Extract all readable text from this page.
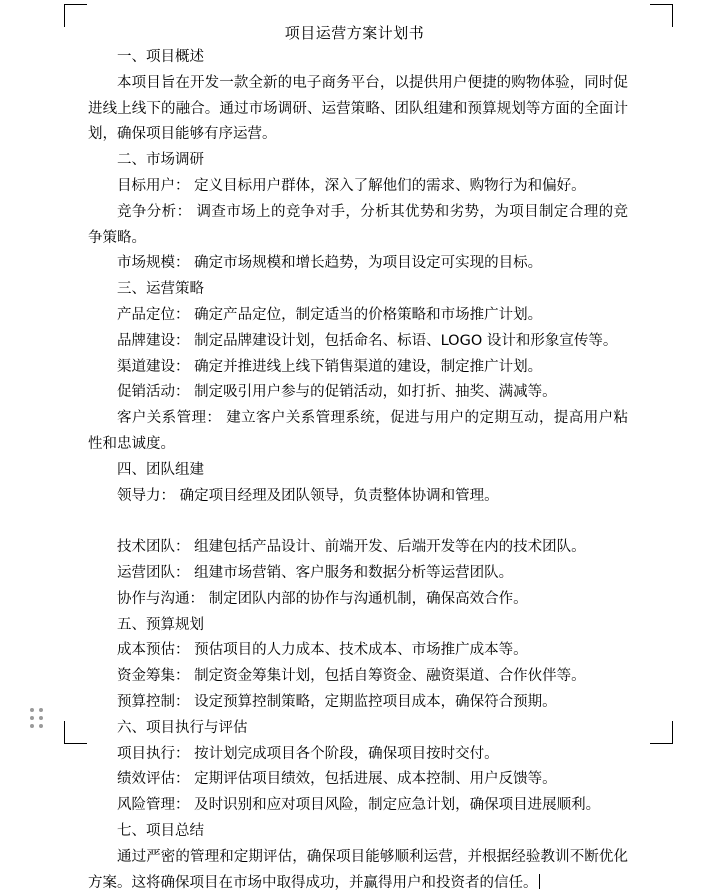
项目运营方案计划书

一、项目概述

本项目旨在开发一款全新的电子商务平台，以提供用户便捷的购物体验，同时促进线上线下的融合。通过市场调研、运营策略、团队组建和预算规划等方面的全面计划，确保项目能够有序运营。

二、市场调研

目标用户： 定义目标用户群体，深入了解他们的需求、购物行为和偏好。

竞争分析： 调查市场上的竞争对手，分析其优势和劣势，为项目制定合理的竞争策略。

市场规模： 确定市场规模和增长趋势，为项目设定可实现的目标。

三、运营策略

产品定位： 确定产品定位，制定适当的价格策略和市场推广计划。

品牌建设： 制定品牌建设计划，包括命名、标语、LOGO 设计和形象宣传等。

渠道建设： 确定并推进线上线下销售渠道的建设，制定推广计划。

促销活动： 制定吸引用户参与的促销活动，如打折、抽奖、满减等。

客户关系管理： 建立客户关系管理系统，促进与用户的定期互动，提高用户粘性和忠诚度。

四、团队组建

领导力： 确定项目经理及团队领导，负责整体协调和管理。

技术团队： 组建包括产品设计、前端开发、后端开发等在内的技术团队。

运营团队： 组建市场营销、客户服务和数据分析等运营团队。

协作与沟通： 制定团队内部的协作与沟通机制，确保高效合作。

五、预算规划

成本预估： 预估项目的人力成本、技术成本、市场推广成本等。

资金筹集： 制定资金筹集计划，包括自筹资金、融资渠道、合作伙伴等。

预算控制： 设定预算控制策略，定期监控项目成本，确保符合预期。

六、项目执行与评估

项目执行： 按计划完成项目各个阶段，确保项目按时交付。

绩效评估： 定期评估项目绩效，包括进展、成本控制、用户反馈等。

风险管理： 及时识别和应对项目风险，制定应急计划，确保项目进展顺利。

七、项目总结

通过严密的管理和定期评估，确保项目能够顺利运营，并根据经验教训不断优化方案。这将确保项目在市场中取得成功，并赢得用户和投资者的信任。
